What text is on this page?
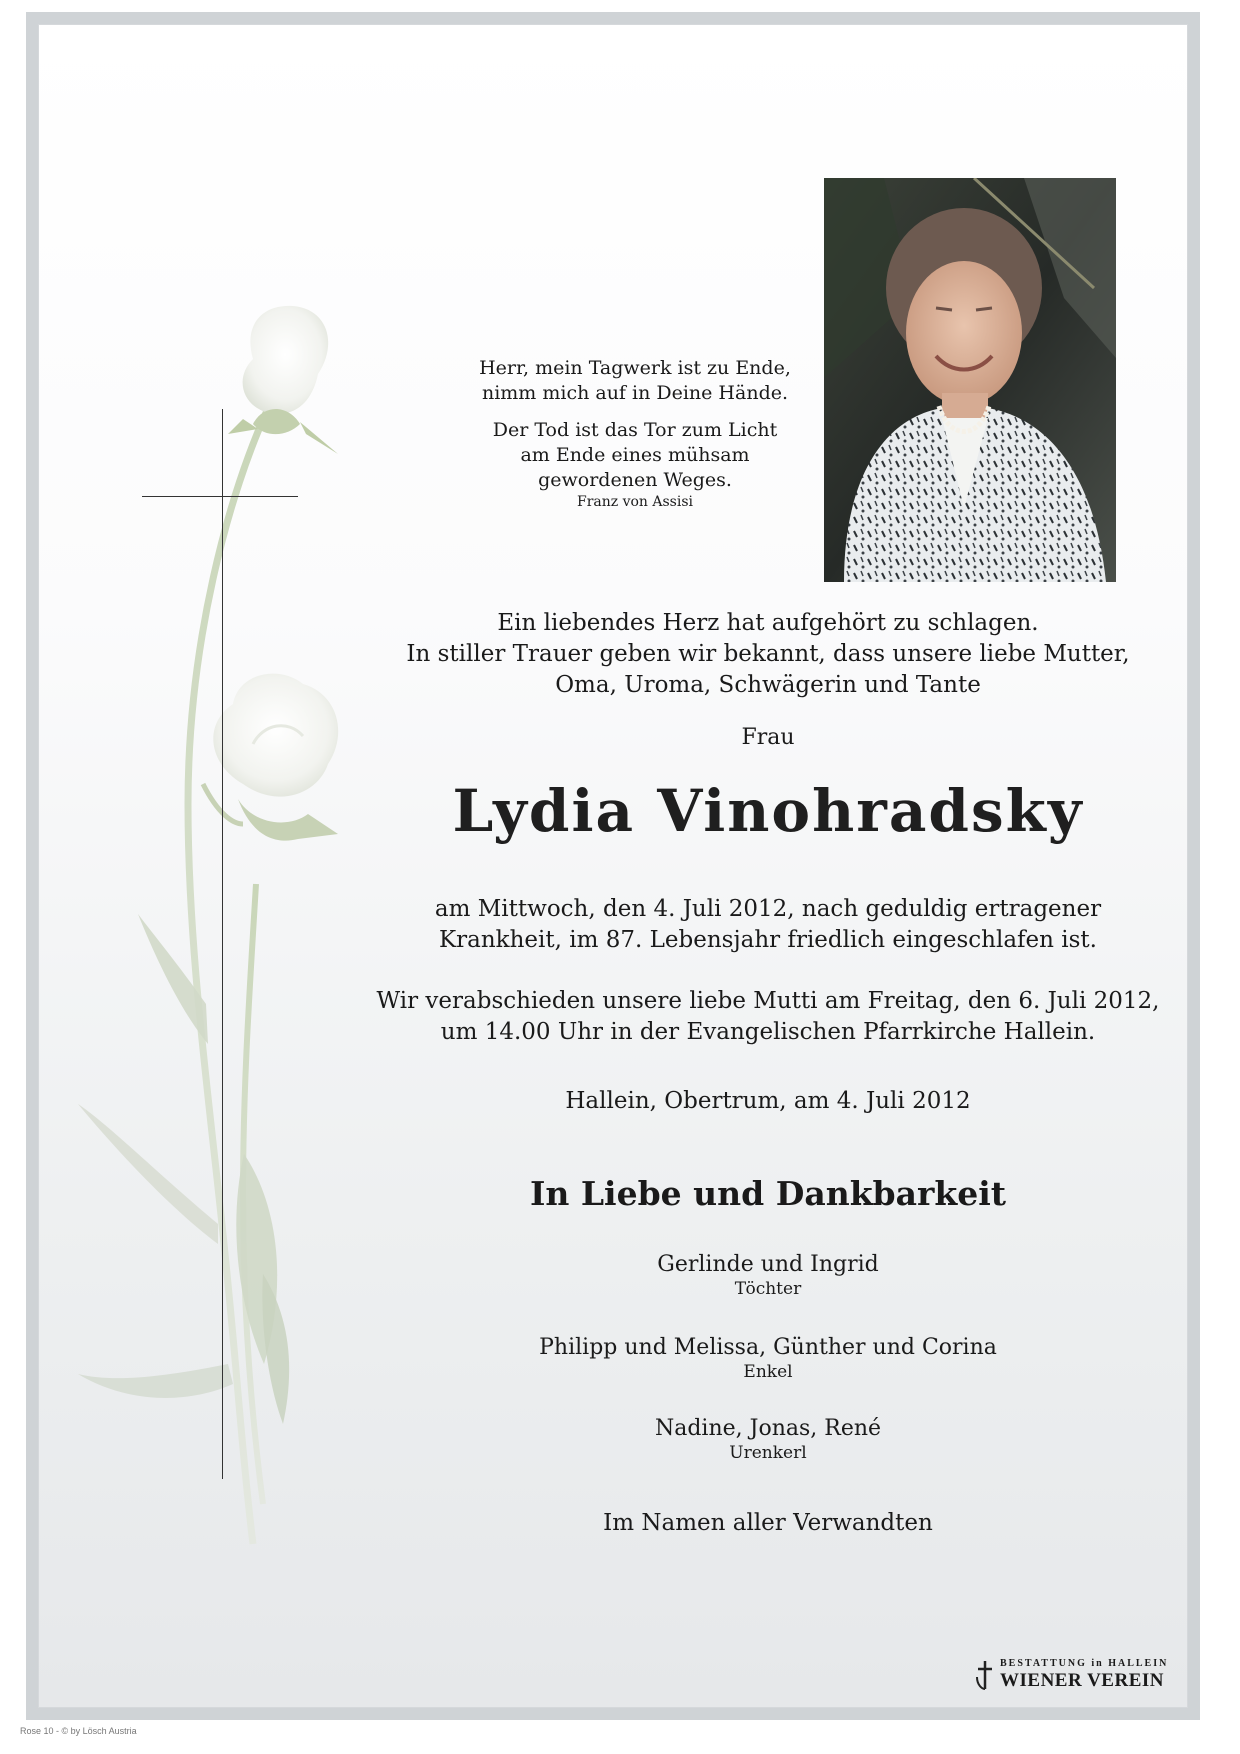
Herr, mein Tagwerk ist zu Ende,

nimm mich auf in Deine Hände.

Der Tod ist das Tor zum Licht

am Ende eines mühsam

gewordenen Weges.

Franz von Assisi

Ein liebendes Herz hat aufgehört zu schlagen.

In stiller Trauer geben wir bekannt, dass unsere liebe Mutter,

Oma, Uroma, Schwägerin und Tante

Frau
Lydia Vinohradsky

am Mittwoch, den 4. Juli 2012, nach geduldig ertragener

Krankheit, im 87. Lebensjahr friedlich eingeschlafen ist.

Wir verabschieden unsere liebe Mutti am Freitag, den 6. Juli 2012,

um 14.00 Uhr in der Evangelischen Pfarrkirche Hallein.

Hallein, Obertrum, am 4. Juli 2012
In Liebe und Dankbarkeit

Gerlinde und Ingrid

Töchter

Philipp und Melissa, Günther und Corina

Enkel

Nadine, Jonas, René

Urenkerl

Im Namen aller Verwandten
BESTATTUNG in HALLEIN
WIENER VEREIN
Rose 10 - © by Lösch Austria
